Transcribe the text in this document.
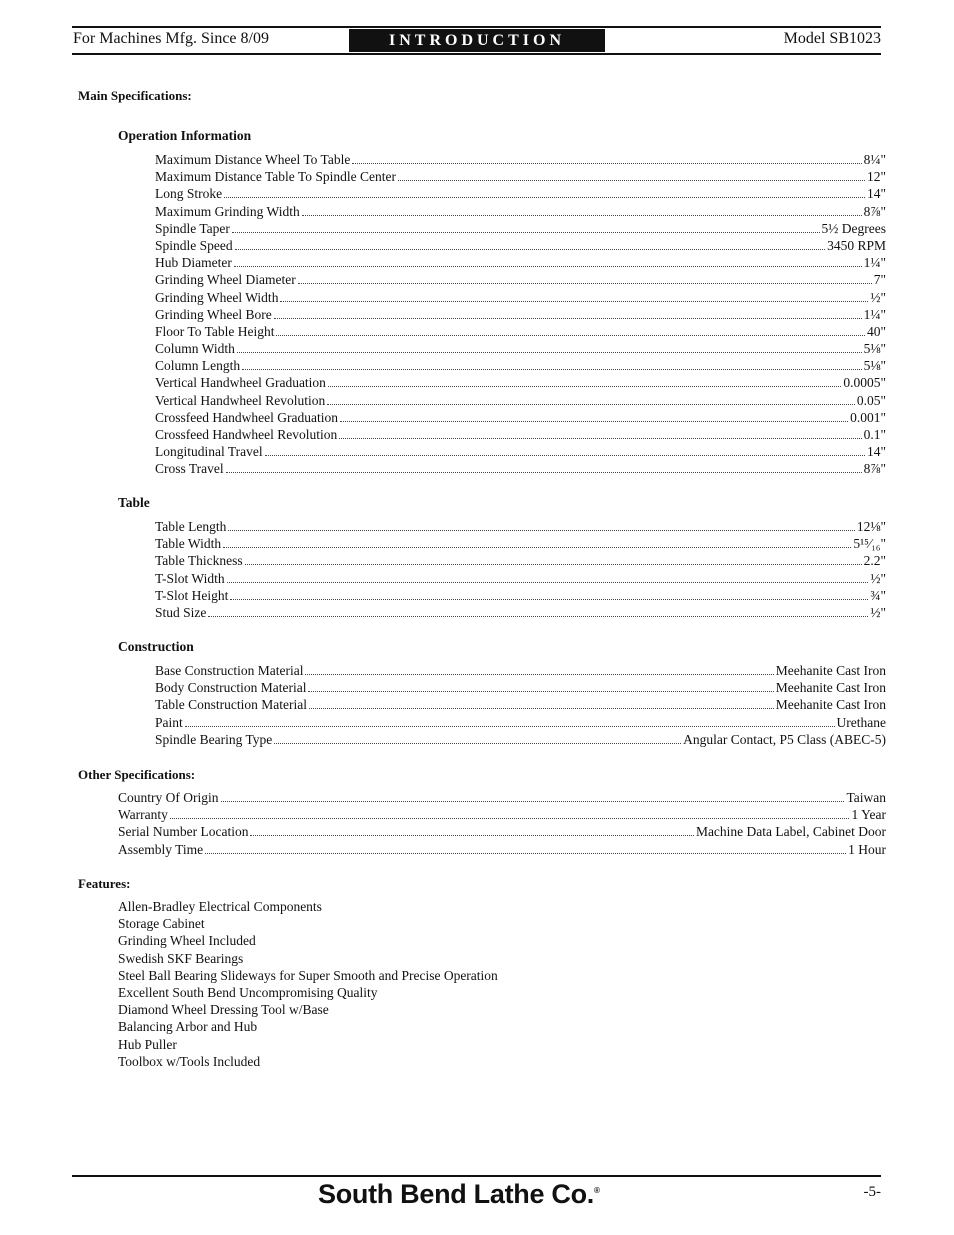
For Machines Mfg. Since 8/09	INTRODUCTION	Model SB1023
Main Specifications:
Operation Information
Maximum Distance Wheel To Table	8¼"
Maximum Distance Table To Spindle Center	12"
Long Stroke	14"
Maximum Grinding Width	8⅞"
Spindle Taper	5½ Degrees
Spindle Speed	3450 RPM
Hub Diameter	1¼"
Grinding Wheel Diameter	7"
Grinding Wheel Width	½"
Grinding Wheel Bore	1¼"
Floor To Table Height	40"
Column Width	5⅛"
Column Length	5⅛"
Vertical Handwheel Graduation	0.0005"
Vertical Handwheel Revolution	0.05"
Crossfeed Handwheel Graduation	0.001"
Crossfeed Handwheel Revolution	0.1"
Longitudinal Travel	14"
Cross Travel	8⅞"
Table
Table Length	12⅛"
Table Width	5¹⁵⁄₁₆"
Table Thickness	2.2"
T-Slot Width	½"
T-Slot Height	¾"
Stud Size	½"
Construction
Base Construction Material	Meehanite Cast Iron
Body Construction Material	Meehanite Cast Iron
Table Construction Material	Meehanite Cast Iron
Paint	Urethane
Spindle Bearing Type	Angular Contact, P5 Class (ABEC-5)
Other Specifications:
Country Of Origin	Taiwan
Warranty	1 Year
Serial Number Location	Machine Data Label, Cabinet Door
Assembly Time	1 Hour
Features:
Allen-Bradley Electrical Components
Storage Cabinet
Grinding Wheel Included
Swedish SKF Bearings
Steel Ball Bearing Slideways for Super Smooth and Precise Operation
Excellent South Bend Uncompromising Quality
Diamond Wheel Dressing Tool w/Base
Balancing Arbor and Hub
Hub Puller
Toolbox w/Tools Included
South Bend Lathe Co.®	-5-
